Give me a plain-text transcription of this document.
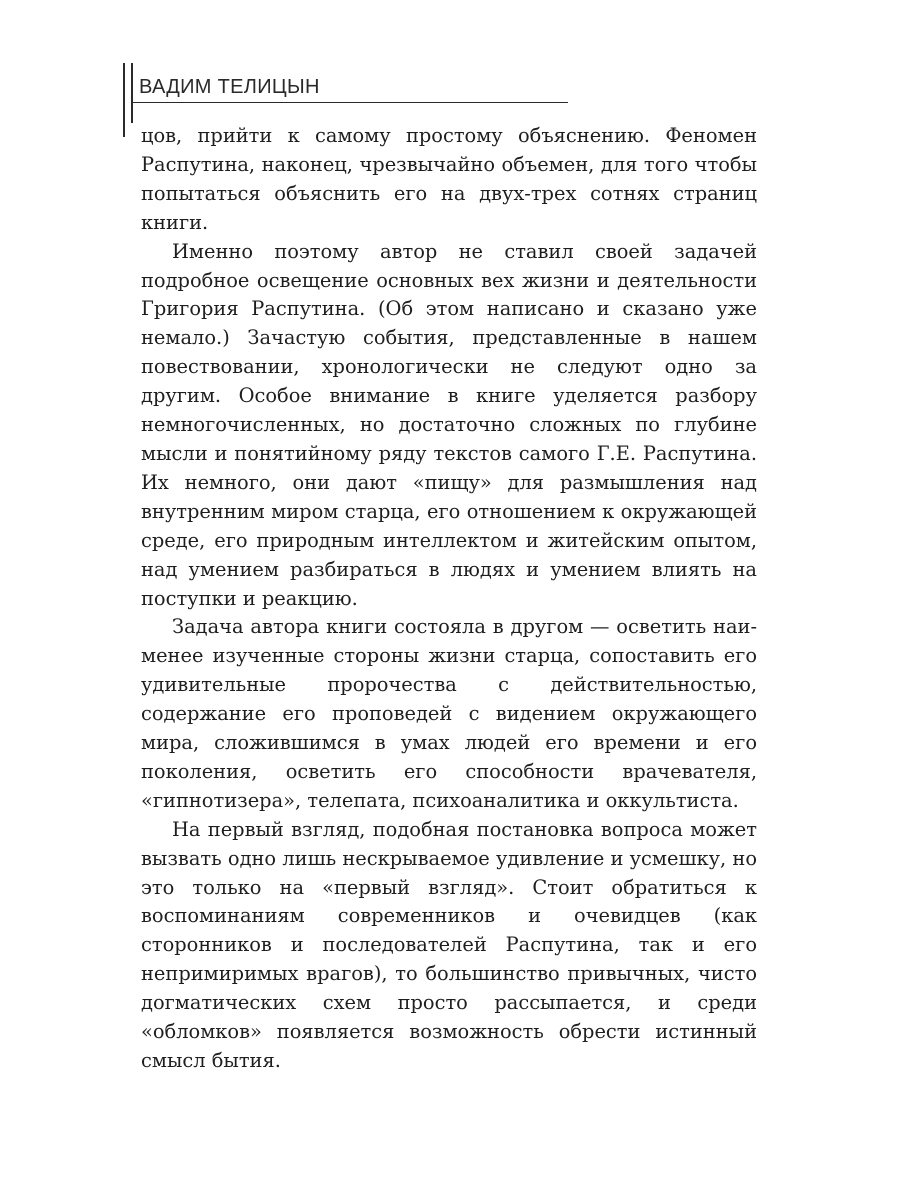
ВАДИМ ТЕЛИЦЫН

цов, прийти к самому простому объяснению. Феномен Распутина, наконец, чрезвычайно объемен, для того чтобы попытаться объяснить его на двух-трех сотнях страниц книги.

Именно поэтому автор не ставил своей задачей подробное освещение основных вех жизни и деятельности Григория Распутина. (Об этом написано и сказано уже немало.) Зачастую события, представленные в нашем повествовании, хронологически не следуют одно за другим. Особое внимание в книге уделяется разбору немногочисленных, но достаточно сложных по глубине мысли и понятийному ряду текстов самого Г.Е. Распутина. Их немного, они дают «пищу» для размышления над внутренним миром старца, его отношением к окружающей среде, его природным интеллектом и житейским опытом, над умением разбираться в людях и умением влиять на поступки и реакцию.

Задача автора книги состояла в другом — осветить наименее изученные стороны жизни старца, сопоставить его удивительные пророчества с действительностью, содержание его проповедей с видением окружающего мира, сложившимся в умах людей его времени и его поколения, осветить его способности врачевателя, «гипнотизера», телепата, психоаналитика и оккультиста.

На первый взгляд, подобная постановка вопроса может вызвать одно лишь нескрываемое удивление и усмешку, но это только на «первый взгляд». Стоит обратиться к воспоминаниям современников и очевидцев (как сторонников и последователей Распутина, так и его непримиримых врагов), то большинство привычных, чисто догматических схем просто рассыпается, и среди «обломков» появляется возможность обрести истинный смысл бытия.
